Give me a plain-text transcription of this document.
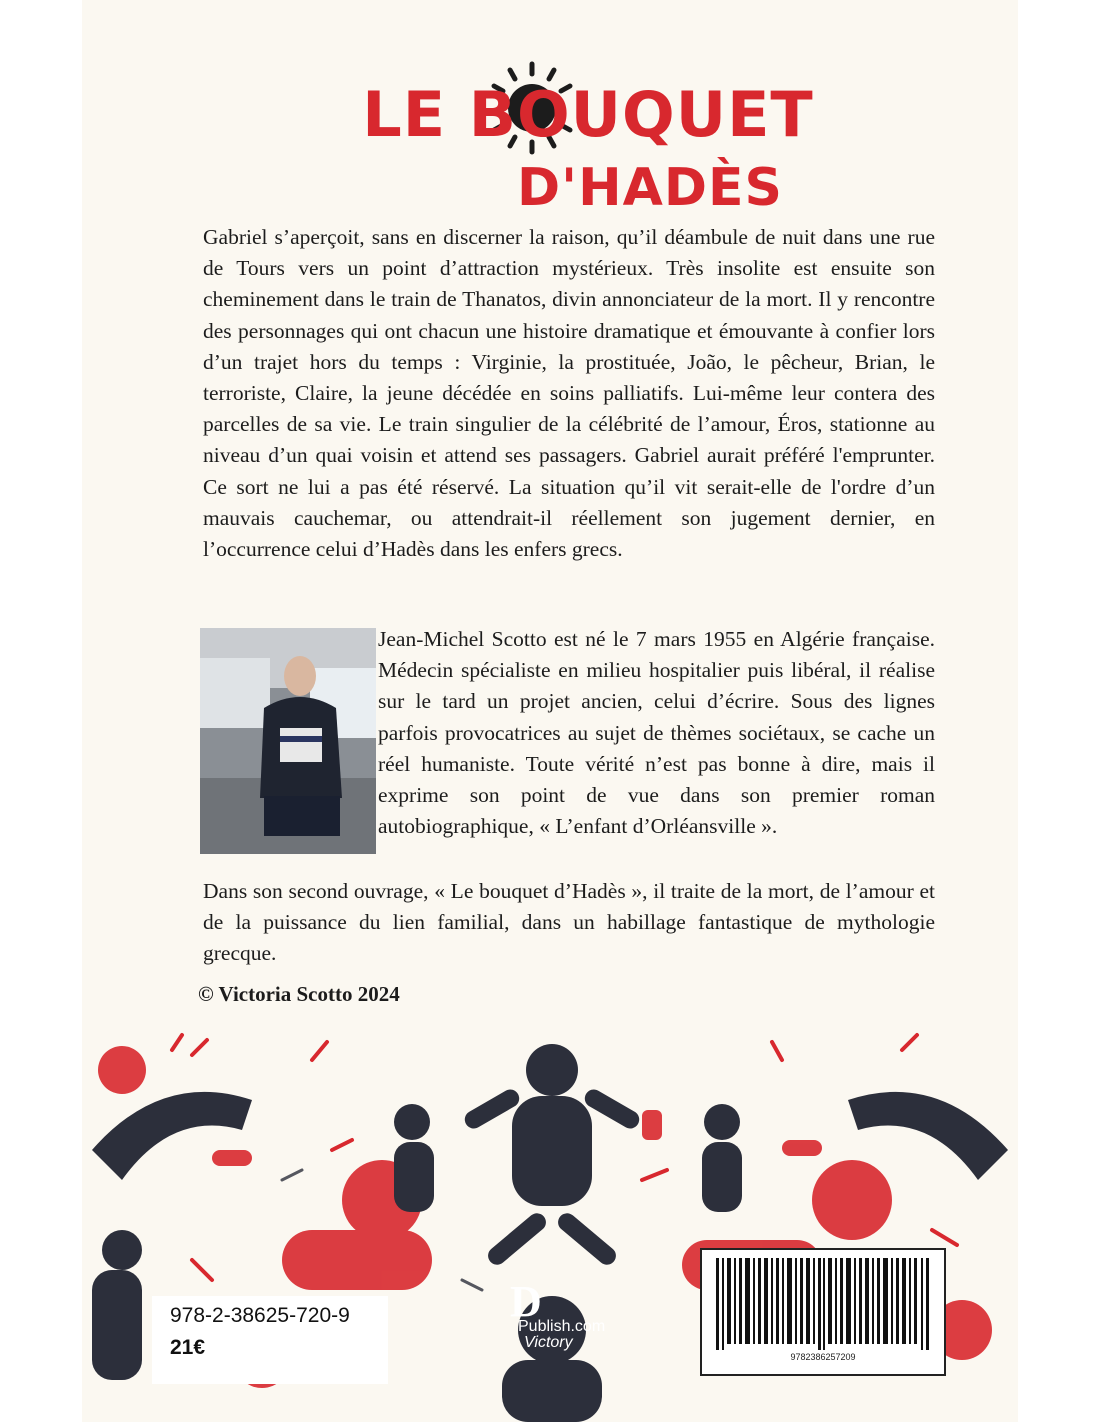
LE BOUQUET
D'HADÈS

Gabriel s’aperçoit, sans en discerner la raison, qu’il déambule de nuit dans une rue de Tours vers un point d’attraction mystérieux. Très insolite est ensuite son cheminement dans le train de Thanatos, divin annonciateur de la mort. Il y rencontre des personnages qui ont chacun une histoire dramatique et émouvante à confier lors d’un trajet hors du temps : Virginie, la prostituée, João, le pêcheur, Brian, le terroriste, Claire, la jeune décédée en soins palliatifs. Lui-même leur contera des parcelles de sa vie. Le train singulier de la célébrité de l’amour, Éros, stationne au niveau d’un quai voisin et attend ses passagers. Gabriel aurait préféré l'emprunter. Ce sort ne lui a pas été réservé. La situation qu’il vit serait-elle de l'ordre d’un mauvais cauchemar, ou attendrait-il réellement son jugement dernier, en l’occurrence celui d’Hadès dans les enfers grecs.

Jean-Michel Scotto est né le 7 mars 1955 en Algérie française. Médecin spécialiste en milieu hospitalier puis libéral, il réalise sur le tard un projet ancien, celui d’écrire. Sous des lignes parfois provocatrices au sujet de thèmes sociétaux, se cache un réel humaniste. Toute vérité n’est pas bonne à dire, mais il exprime son point de vue dans son premier roman autobiographique, « L’enfant d’Orléansville ».

Dans son second ouvrage, « Le bouquet d’Hadès », il traite de la mort, de l’amour et de la puissance du lien familial, dans un habillage fantastique de mythologie grecque.

© Victoria Scotto 2024

978-2-38625-720-9
21€
D
Publish.com
Victory
9782386257209
